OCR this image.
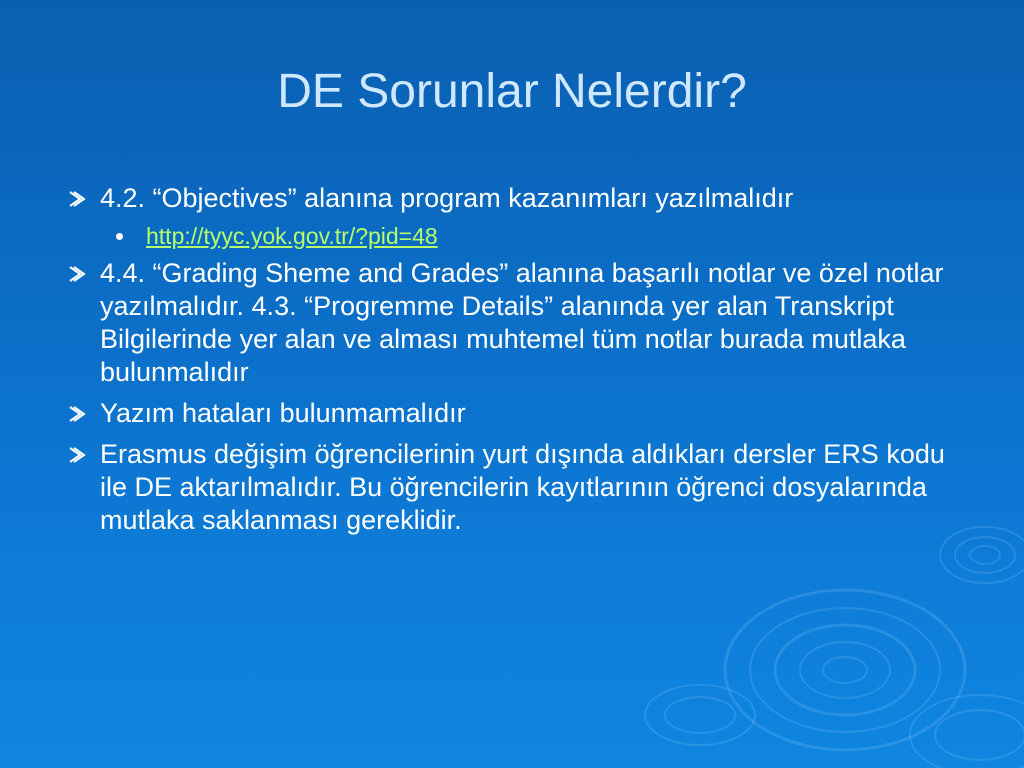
DE Sorunlar Nelerdir?
4.2. “Objectives” alanına program kazanımları yazılmalıdır
http://tyyc.yok.gov.tr/?pid=48
4.4. “Grading Sheme and Grades” alanına başarılı notlar ve özel notlar yazılmalıdır. 4.3. “Progremme Details” alanında yer alan Transkript Bilgilerinde yer alan ve alması muhtemel tüm notlar burada mutlaka bulunmalıdır
Yazım hataları bulunmamalıdır
Erasmus değişim öğrencilerinin yurt dışında aldıkları dersler ERS kodu ile DE aktarılmalıdır. Bu öğrencilerin kayıtlarının öğrenci dosyalarında mutlaka saklanması gereklidir.
